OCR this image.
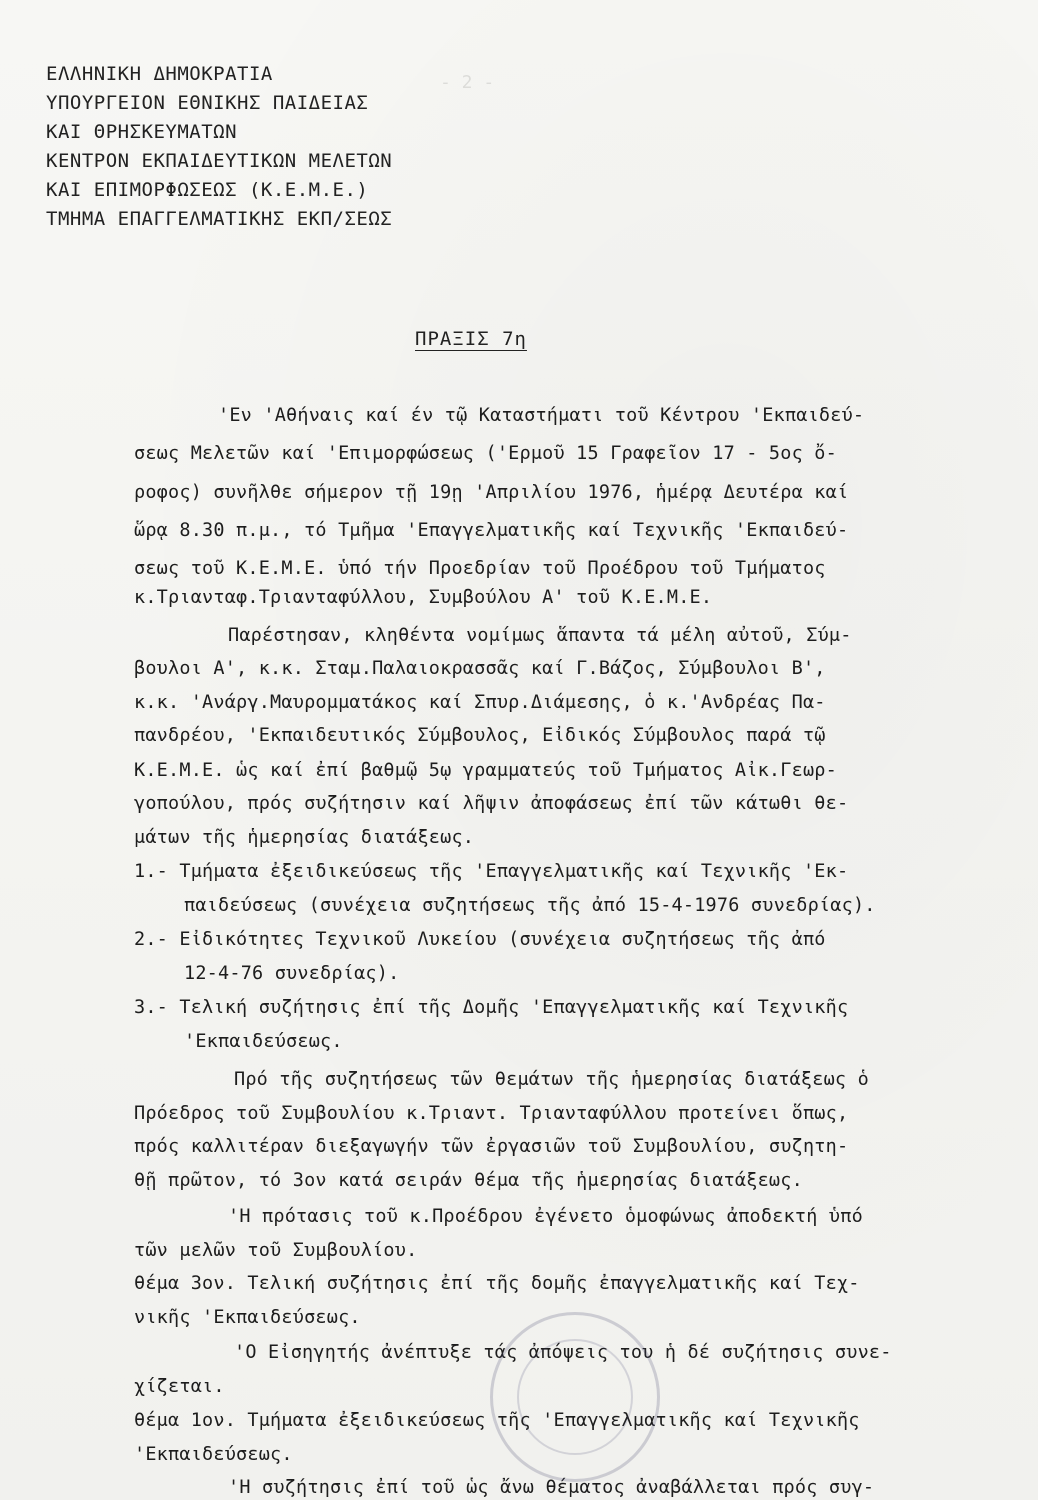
- 2 -
ΕΛΛΗΝΙΚΗ ΔΗΜΟΚΡΑΤΙΑ
ΥΠΟΥΡΓΕΙΟΝ ΕΘΝΙΚΗΣ ΠΑΙΔΕΙΑΣ
ΚΑΙ ΘΡΗΣΚΕΥΜΑΤΩΝ
ΚΕΝΤΡΟΝ ΕΚΠΑΙΔΕΥΤΙΚΩΝ ΜΕΛΕΤΩΝ
ΚΑΙ ΕΠΙΜΟΡΦΩΣΕΩΣ (Κ.Ε.Μ.Ε.)
ΤΜΗΜΑ ΕΠΑΓΓΕΛΜΑΤΙΚΗΣ ΕΚΠ/ΣΕΩΣ
ΠΡΑΞΙΣ 7η
'Εν 'Αθήναις καί έν τῷ Καταστήματι τοῦ Κέντρου 'Εκπαιδεύ-
σεως Μελετῶν καί 'Επιμορφώσεως ('Ερμοῦ 15 Γραφεῖον 17 - 5ος ὄ-
ροφος) συνῆλθε σήμερον τῇ 19ῃ 'Απριλίου 1976, ἡμέρᾳ Δευτέρα καί
ὥρᾳ 8.30 π.μ., τό Τμῆμα 'Επαγγελματικῆς καί Τεχνικῆς 'Εκπαιδεύ-
σεως τοῦ Κ.Ε.Μ.Ε. ὑπό τήν Προεδρίαν τοῦ Προέδρου τοῦ Τμήματος
κ.Τριανταφ.Τριανταφύλλου, Συμβούλου Α' τοῦ Κ.Ε.Μ.Ε.
Παρέστησαν, κληθέντα νομίμως ἅπαντα τά μέλη αὐτοῦ, Σύμ-
βουλοι Α', κ.κ. Σταμ.Παλαιοκρασσᾶς καί Γ.Βάζος, Σύμβουλοι Β',
κ.κ. 'Ανάργ.Μαυρομματάκος καί Σπυρ.Διάμεσης, ὁ κ.'Ανδρέας Πα-
πανδρέου, 'Εκπαιδευτικός Σύμβουλος, Εἰδικός Σύμβουλος παρά τῷ
Κ.Ε.Μ.Ε. ὡς καί ἐπί βαθμῷ 5ῳ γραμματεύς τοῦ Τμήματος Αἰκ.Γεωρ-
γοπούλου, πρός συζήτησιν καί λῆψιν ἀποφάσεως ἐπί τῶν κάτωθι θε-
μάτων τῆς ἡμερησίας διατάξεως.
1.- Τμήματα ἐξειδικεύσεως τῆς 'Επαγγελματικῆς καί Τεχνικῆς 'Εκ-
παιδεύσεως (συνέχεια συζητήσεως τῆς ἀπό 15-4-1976 συνεδρίας).
2.- Εἰδικότητες Τεχνικοῦ Λυκείου (συνέχεια συζητήσεως τῆς ἀπό
12-4-76 συνεδρίας).
3.- Τελική συζήτησις ἐπί τῆς Δομῆς 'Επαγγελματικῆς καί Τεχνικῆς
'Εκπαιδεύσεως.
Πρό τῆς συζητήσεως τῶν θεμάτων τῆς ἡμερησίας διατάξεως ὁ
Πρόεδρος τοῦ Συμβουλίου κ.Τριαντ. Τριανταφύλλου προτείνει ὅπως,
πρός καλλιτέραν διεξαγωγήν τῶν ἐργασιῶν τοῦ Συμβουλίου, συζητη-
θῇ πρῶτον, τό 3ον κατά σειράν θέμα τῆς ἡμερησίας διατάξεως.
'Η πρότασις τοῦ κ.Προέδρου ἐγένετο ὁμοφώνως ἀποδεκτή ὑπό
τῶν μελῶν τοῦ Συμβουλίου.
θέμα 3ον. Τελική συζήτησις ἐπί τῆς δομῆς ἐπαγγελματικῆς καί Τεχ-
νικῆς 'Εκπαιδεύσεως.
'Ο Εἰσηγητής ἀνέπτυξε τάς ἀπόψεις του ἡ δέ συζήτησις συνε-
χίζεται.
θέμα 1ον. Τμήματα ἐξειδικεύσεως τῆς 'Επαγγελματικῆς καί Τεχνικῆς
'Εκπαιδεύσεως.
'Η συζήτησις ἐπί τοῦ ὡς ἄνω θέματος ἀναβάλλεται πρός συγ-
